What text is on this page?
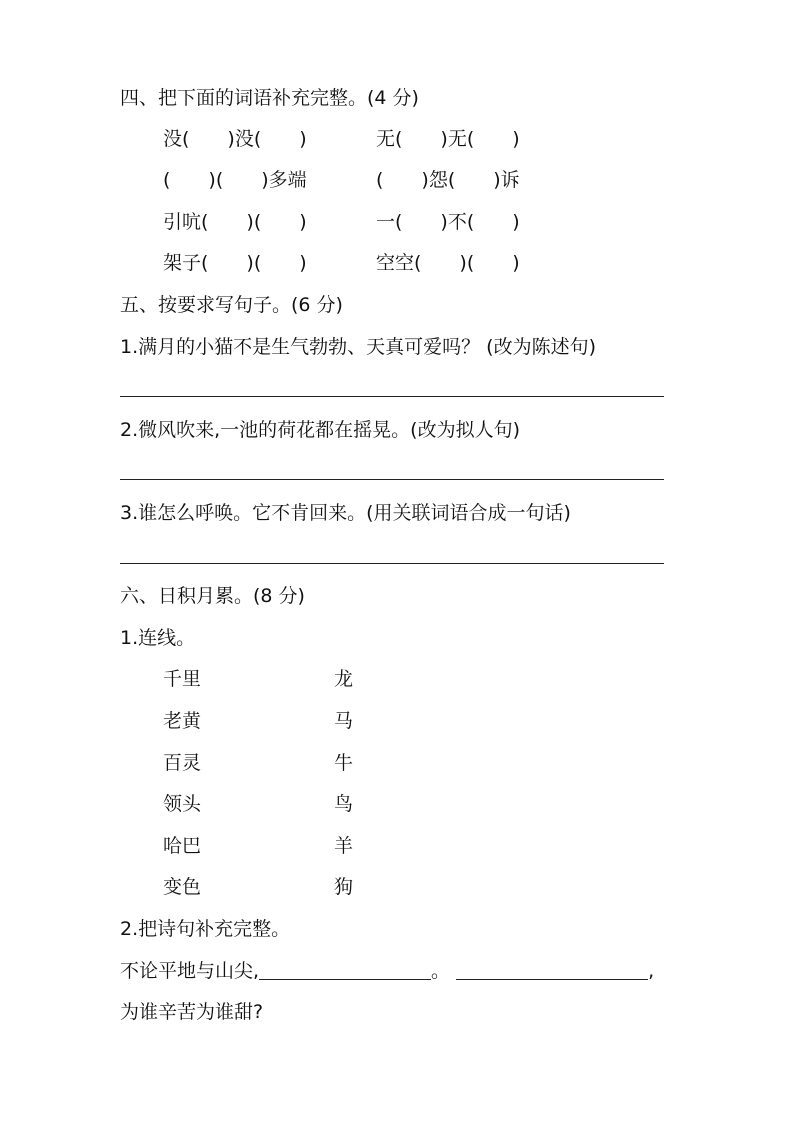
四、把下面的词语补充完整。(4 分)
没(　　)没(　　)	无(　　)无(　　)
(　　)(　　)多端	(　　)怨(　　)诉
引吭(　　)(　　)	一(　　)不(　　)
架子(　　)(　　)	空空(　　)(　　)
五、按要求写句子。(6 分)
1.满月的小猫不是生气勃勃、天真可爱吗？ (改为陈述句)
2.微风吹来,一池的荷花都在摇晃。(改为拟人句)
3.谁怎么呼唤。它不肯回来。(用关联词语合成一句话)
六、日积月累。(8 分)
1.连线。
千里	龙
老黄	马
百灵	牛
领头	鸟
哈巴	羊
变色	狗
2.把诗句补充完整。
不论平地与山尖,	。	,
为谁辛苦为谁甜?
